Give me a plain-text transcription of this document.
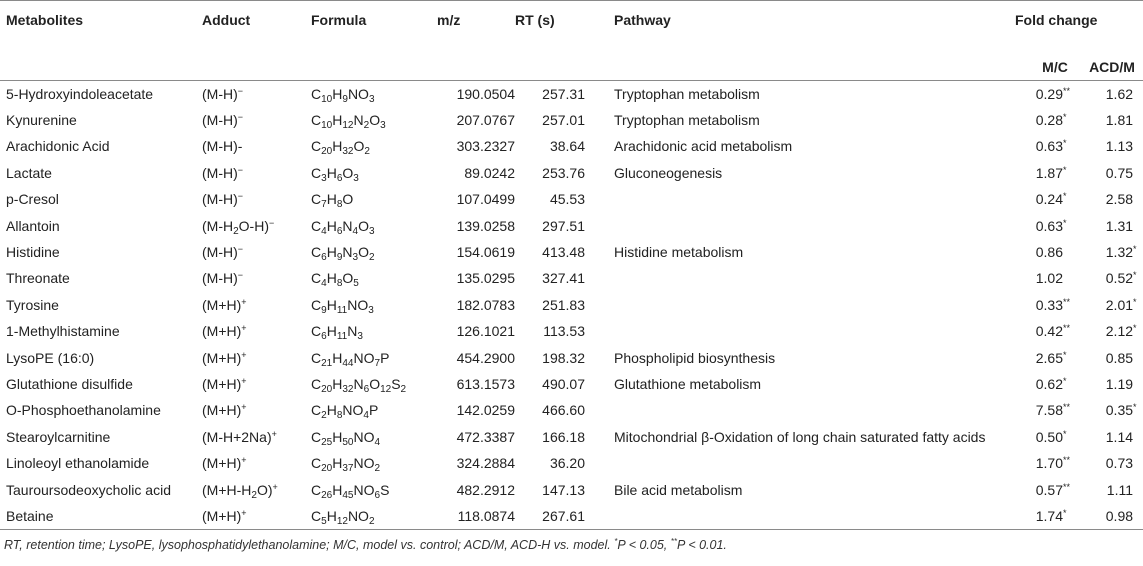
Metabolites	Adduct	Formula	m/z	RT (s)	Pathway	Fold change	
						M/C	ACD/M
5-Hydroxyindoleacetate	(M-H)−	$C_{10}H_9NO_3$	190.0504	257.31	Tryptophan metabolism	0.29**	1.62
Kynurenine	(M-H)−	$C_{10}H_{12}N_2O_3$	207.0767	257.01	Tryptophan metabolism	0.28*	1.81
Arachidonic Acid	(M-H)-	$C_{20}H_{32}O_2$	303.2327	38.64	Arachidonic acid metabolism	0.63*	1.13
Lactate	(M-H)−	$C_3H_6O_3$	89.0242	253.76	Gluconeogenesis	1.87*	0.75
p-Cresol	(M-H)−	$C_7H_8O$	107.0499	45.53		0.24*	2.58
Allantoin	$(M-H_2O-H)^-$	$C_4H_6N_4O_3$	139.0258	297.51		0.63*	1.31
Histidine	(M-H)−	$C_6H_9N_3O_2$	154.0619	413.48	Histidine metabolism	0.86	1.32*
Threonate	(M-H)−	$C_4H_8O_5$	135.0295	327.41		1.02	0.52*
Tyrosine	(M+H)+	$C_9H_{11}NO_3$	182.0783	251.83		0.33**	2.01*
1-Methylhistamine	(M+H)+	$C_6H_{11}N_3$	126.1021	113.53		0.42**	2.12*
LysoPE (16:0)	(M+H)+	$C_{21}H_{44}NO_7P$	454.2900	198.32	Phospholipid biosynthesis	2.65*	0.85
Glutathione disulfide	(M+H)+	$C_{20}H_{32}N_6O_{12}S_2$	613.1573	490.07	Glutathione metabolism	0.62*	1.19
O-Phosphoethanolamine	(M+H)+	$C_2H_8NO_4P$	142.0259	466.60		7.58**	0.35*
Stearoylcarnitine	(M-H+2Na)+	$C_{25}H_{50}NO_4$	472.3387	166.18	Mitochondrial β-Oxidation of long chain saturated fatty acids	0.50*	1.14
Linoleoyl ethanolamide	(M+H)+	$C_{20}H_{37}NO_2$	324.2884	36.20		1.70**	0.73
Tauroursodeoxycholic acid	$(M+H-H_2O)^+$	$C_{26}H_{45}NO_6S$	482.2912	147.13	Bile acid metabolism	0.57**	1.11
Betaine	(M+H)+	$C_5H_{12}NO_2$	118.0874	267.61		1.74*	0.98
RT, retention time; LysoPE, lysophosphatidylethanolamine; M/C, model vs. control; ACD/M, ACD-H vs. model. *P < 0.05, **P < 0.01.
